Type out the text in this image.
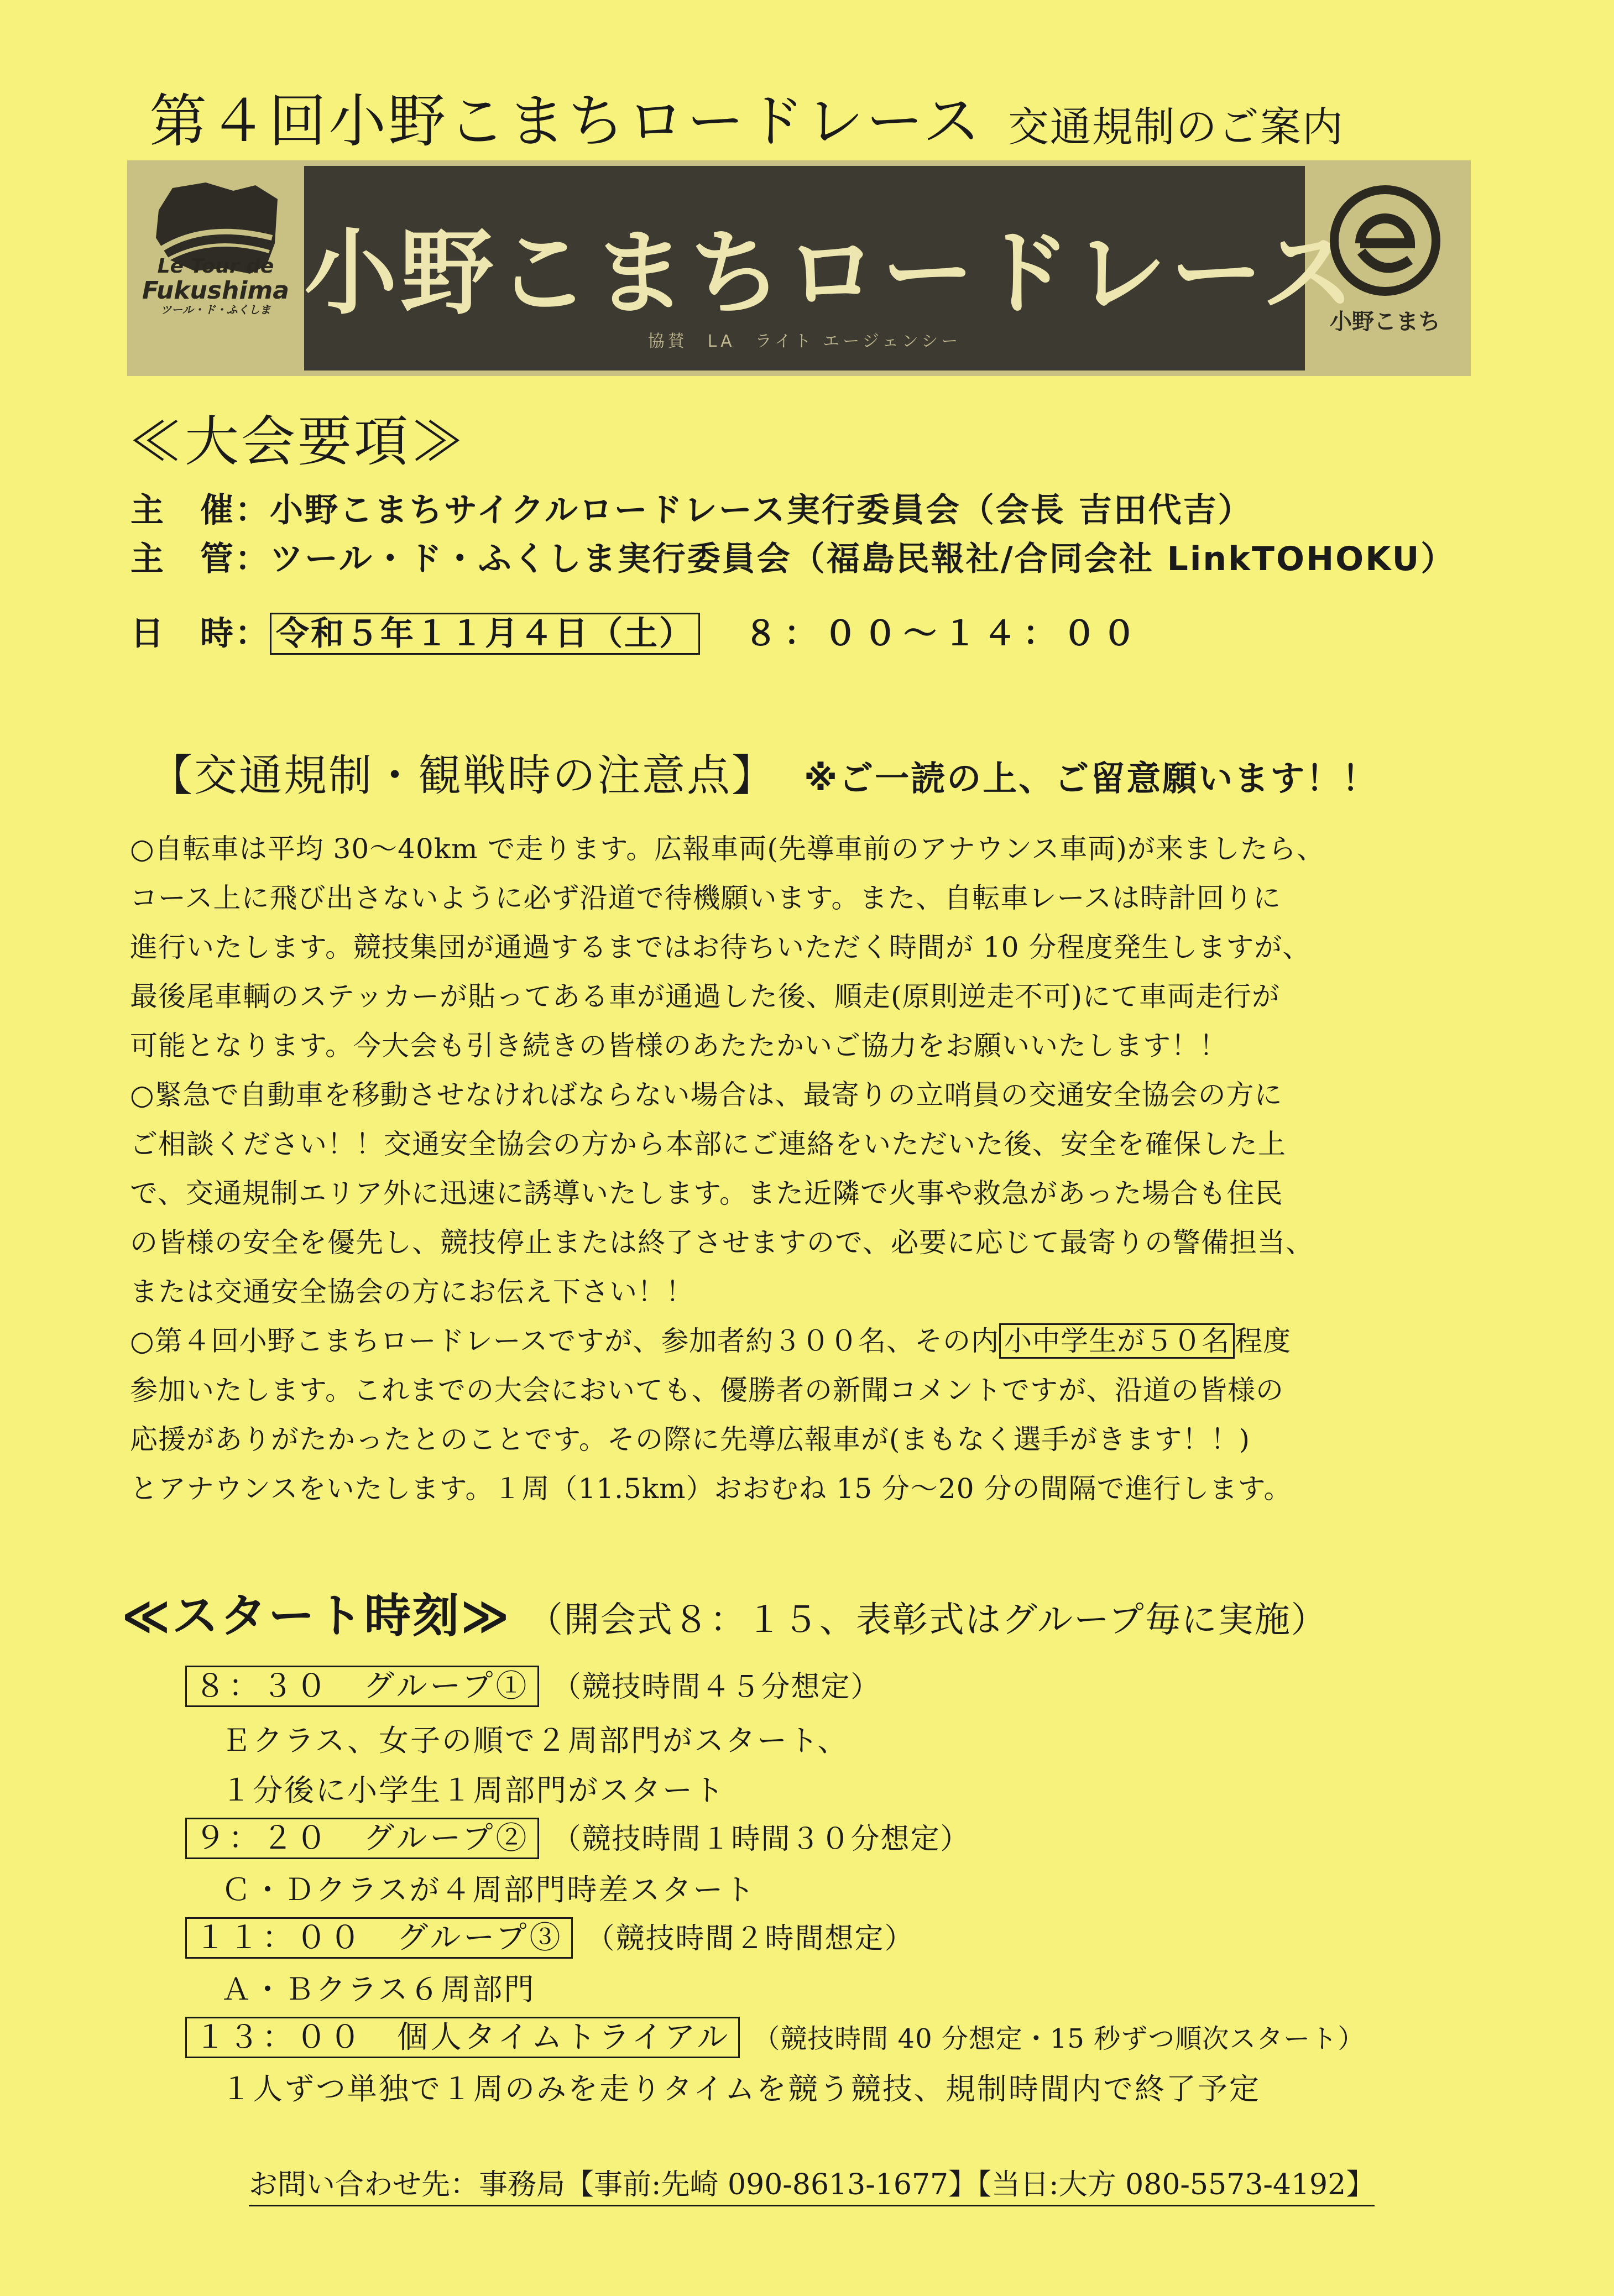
第４回小野こまちロードレース 交通規制のご案内
Le Tour de
Fukushima
ツール・ド・ふくしま 小野こまちロードレース
協賛　LA　ライト エージェンシー
小野こまち
≪大会要項≫
主　催：小野こまちサイクルロードレース実行委員会（会長 吉田代吉）
主　管：ツール・ド・ふくしま実行委員会（福島民報社/合同会社 LinkTOHOKU）
日　時： 令和５年１１月４日（土） ８：００～１４：００
【交通規制・観戦時の注意点】 ※ご一読の上、ご留意願います！！
○自転車は平均 30～40km で走ります。広報車両(先導車前のアナウンス車両)が来ましたら、
コース上に飛び出さないように必ず沿道で待機願います。また、自転車レースは時計回りに
進行いたします。競技集団が通過するまではお待ちいただく時間が 10 分程度発生しますが、
最後尾車輌のステッカーが貼ってある車が通過した後、順走(原則逆走不可)にて車両走行が
可能となります。今大会も引き続きの皆様のあたたかいご協力をお願いいたします！！
○緊急で自動車を移動させなければならない場合は、最寄りの立哨員の交通安全協会の方に
ご相談ください！！交通安全協会の方から本部にご連絡をいただいた後、安全を確保した上
で、交通規制エリア外に迅速に誘導いたします。また近隣で火事や救急があった場合も住民
の皆様の安全を優先し、競技停止または終了させますので、必要に応じて最寄りの警備担当、
または交通安全協会の方にお伝え下さい！！
○第４回小野こまちロードレースですが、参加者約３００名、その内 小中学生が５０名 程度
参加いたします。これまでの大会においても、優勝者の新聞コメントですが、沿道の皆様の
応援がありがたかったとのことです。その際に先導広報車が(まもなく選手がきます！！)
とアナウンスをいたします。１周（11.5km）おおむね 15 分～20 分の間隔で進行します。
≪スタート時刻≫ （開会式８：１５、表彰式はグループ毎に実施）
８：３０　グループ① （競技時間４５分想定）
Ｅクラス、女子の順で２周部門がスタート、
１分後に小学生１周部門がスタート
９：２０　グループ② （競技時間１時間３０分想定）
Ｃ・Ｄクラスが４周部門時差スタート
１１：００　グループ③ （競技時間２時間想定）
Ａ・Ｂクラス６周部門
１３：００　個人タイムトライアル （競技時間 40 分想定・15 秒ずつ順次スタート）
１人ずつ単独で１周のみを走りタイムを競う競技、規制時間内で終了予定
お問い合わせ先：事務局【事前:先崎 090-8613-1677】【当日:大方 080-5573-4192】
